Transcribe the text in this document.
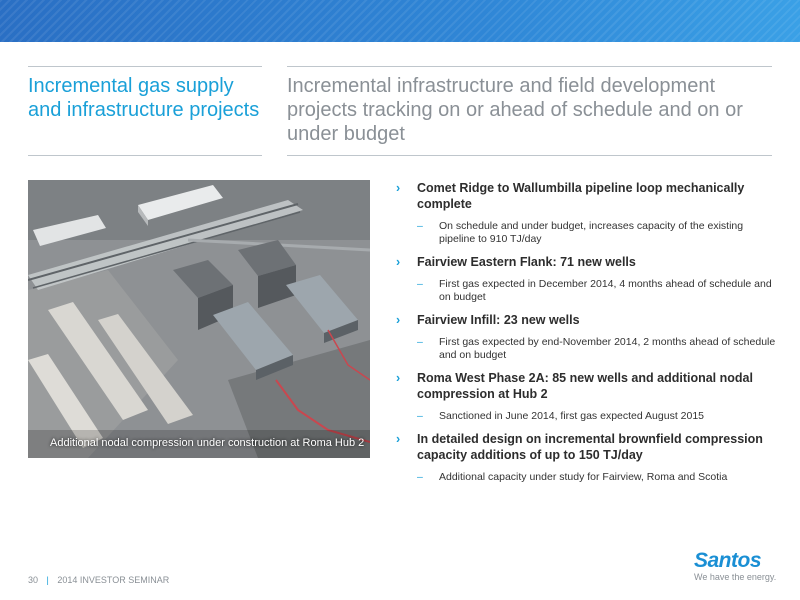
Incremental gas supply and infrastructure projects
Incremental infrastructure and field development projects tracking on or ahead of schedule and on or under budget
Additional nodal compression under construction at Roma Hub 2
› Comet Ridge to Wallumbilla pipeline loop mechanically complete
– On schedule and under budget, increases capacity of the existing pipeline to 910 TJ/day
› Fairview Eastern Flank: 71 new wells
– First gas expected in December 2014, 4 months ahead of schedule and on budget
› Fairview Infill: 23 new wells
– First gas expected by end-November 2014, 2 months ahead of schedule and on budget
› Roma West Phase 2A: 85 new wells and additional nodal compression at Hub 2
– Sanctioned in June 2014, first gas expected August 2015
› In detailed design on incremental brownfield compression capacity additions of up to 150 TJ/day
– Additional capacity under study for Fairview, Roma and Scotia
30 | 2014 INVESTOR SEMINAR
Santos
We have the energy.
